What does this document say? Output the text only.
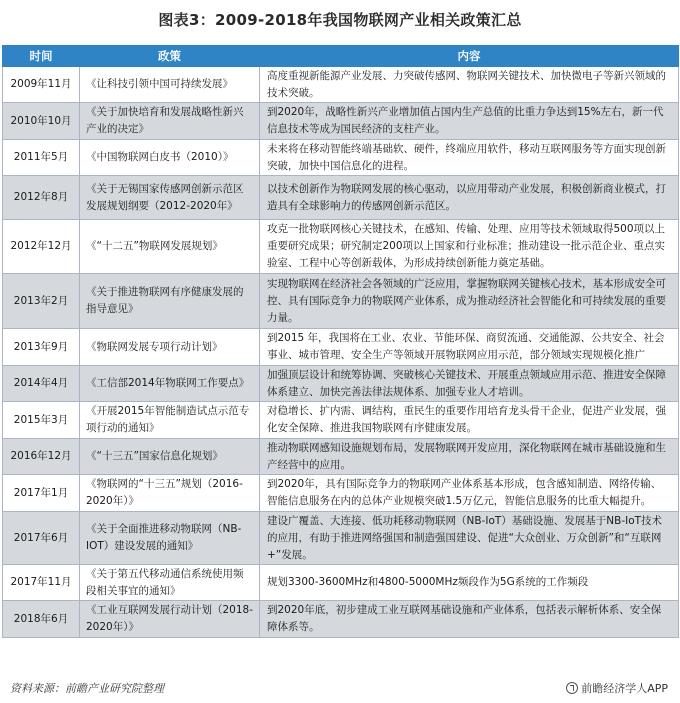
图表3：2009-2018年我国物联网产业相关政策汇总
时间	政策	内容
2009年11月	《让科技引领中国可持续发展》	高度重视新能源产业发展、力突破传感网、物联网关键技术、加快微电子等新兴领域的技术突破。
2010年10月	《关于加快培育和发展战略性新兴产业的决定》	到2020年，战略性新兴产业增加值占国内生产总值的比重力争达到15%左右，新一代信息技术等成为国民经济的支柱产业。
2011年5月	《中国物联网白皮书（2010）》	未来将在移动智能终端基础软、硬件，终端应用软件，移动互联网服务等方面实现创新突破，加快中国信息化的进程。
2012年8月	《关于无锡国家传感网创新示范区发展规划纲要（2012-2020年》	以技术创新作为物联网发展的核心驱动，以应用带动产业发展，积极创新商业模式，打造具有全球影响力的传感网创新示范区。
2012年12月	《“十二五”物联网发展规划》	攻克一批物联网核心关键技术，在感知、传输、处理、应用等技术领域取得500项以上重要研究成果；研究制定200项以上国家和行业标准；推动建设一批示范企业、重点实验室、工程中心等创新载体，为形成持续创新能力奠定基础。
2013年2月	《关于推进物联网有序健康发展的指导意见》	实现物联网在经济社会各领域的广泛应用，掌握物联网关键核心技术，基本形成安全可控、具有国际竞争力的物联网产业体系，成为推动经济社会智能化和可持续发展的重要力量。
2013年9月	《物联网发展专项行动计划》	到2015 年，我国将在工业、农业、节能环保、商贸流通、交通能源、公共安全、社会事业、城市管理、安全生产等领域开展物联网应用示范，部分领域实现规模化推广
2014年4月	《工信部2014年物联网工作要点》	加强顶层设计和统筹协调、突破核心关键技术、开展重点领域应用示范、推进安全保障体系建立、加快完善法律法规体系、加强专业人才培训。
2015年3月	《开展2015年智能制造试点示范专项行动的通知》	对稳增长、扩内需、调结构，重民生的重要作用培育龙头骨干企业，促进产业发展，强化安全保障、推进我国物联网有序健康发展。
2016年12月	《“十三五”国家信息化规划》	推动物联网感知设施规划布局，发展物联网开发应用，深化物联网在城市基础设施和生产经营中的应用。
2017年1月	《物联网的“十三五”规划（2016-2020年）》	到2020年，具有国际竞争力的物联网产业体系基本形成，包含感知制造、网络传输、智能信息服务在内的总体产业规模突破1.5万亿元，智能信息服务的比重大幅提升。
2017年6月	《关于全面推进移动物联网（NB-IOT）建设发展的通知》	建设广覆盖、大连接、低功耗移动物联网（NB-IoT）基础设施、发展基于NB-IoT技术的应用，有助于推进网络强国和制造强国建设、促进“大众创业、万众创新”和“互联网+”发展。
2017年11月	《关于第五代移动通信系统使用频段相关事宜的通知》	规划3300-3600MHz和4800-5000MHz频段作为5G系统的工作频段
2018年6月	《工业互联网发展行动计划（2018-2020年）》	到2020年底，初步建成工业互联网基础设施和产业体系，包括表示解析体系、安全保障体系等。
资料来源：前瞻产业研究院整理	前瞻经济学人APP
